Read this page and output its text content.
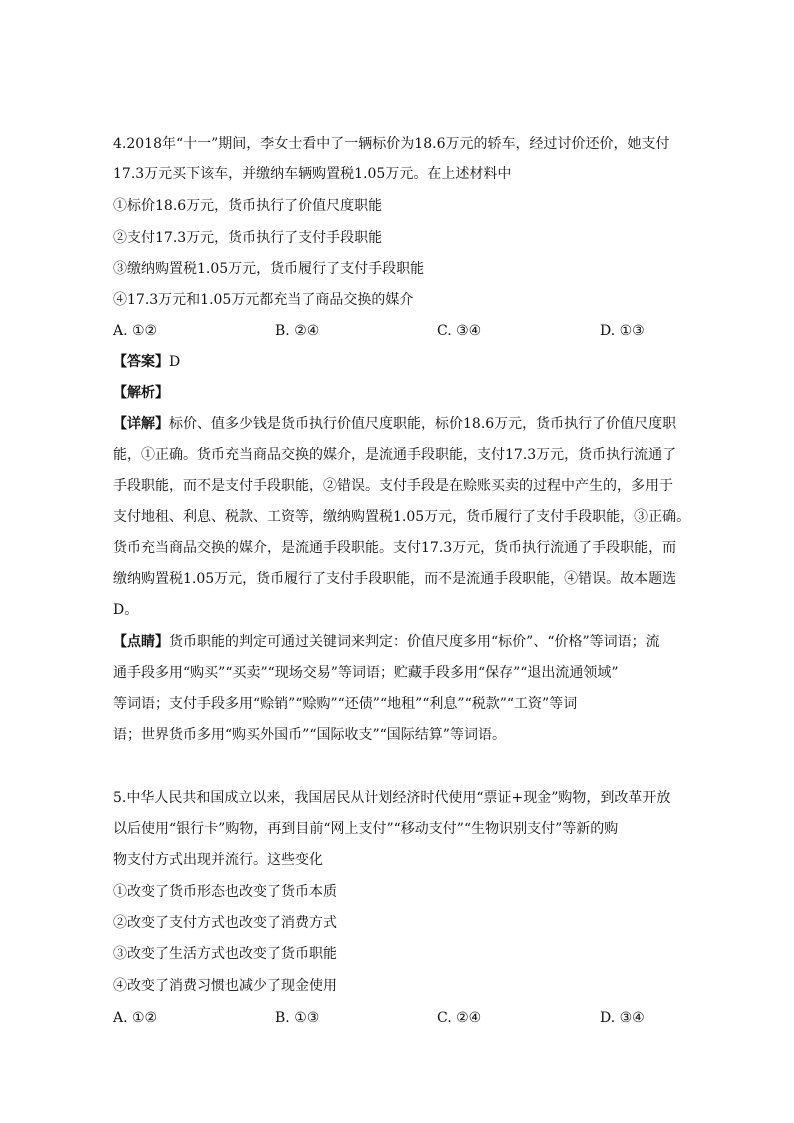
4.2018年“十一”期间，李女士看中了一辆标价为18.6万元的轿车，经过讨价还价，她支付
17.3万元买下该车，并缴纳车辆购置税1.05万元。在上述材料中
①标价18.6万元，货币执行了价值尺度职能
②支付17.3万元，货币执行了支付手段职能
③缴纳购置税1.05万元，货币履行了支付手段职能
④17.3万元和1.05万元都充当了商品交换的媒介
A. ①②	B. ②④	C. ③④	D. ①③
【答案】D
【解析】
【详解】标价、值多少钱是货币执行价值尺度职能，标价18.6万元，货币执行了价值尺度职
能，①正确。货币充当商品交换的媒介，是流通手段职能，支付17.3万元，货币执行流通了
手段职能，而不是支付手段职能，②错误。支付手段是在赊账买卖的过程中产生的，多用于
支付地租、利息、税款、工资等，缴纳购置税1.05万元，货币履行了支付手段职能，③正确。
货币充当商品交换的媒介，是流通手段职能。支付17.3万元，货币执行流通了手段职能，而
缴纳购置税1.05万元，货币履行了支付手段职能，而不是流通手段职能，④错误。故本题选
D。
【点睛】货币职能的判定可通过关键词来判定：价值尺度多用“标价”、“价格”等词语；流
通手段多用“购买”“买卖”“现场交易”等词语；贮藏手段多用“保存”“退出流通领域”
等词语；支付手段多用“赊销”“赊购”“还债”“地租”“利息”“税款”“工资”等词
语；世界货币多用“购买外国币”“国际收支”“国际结算”等词语。
5.中华人民共和国成立以来，我国居民从计划经济时代使用“票证+现金”购物，到改革开放
以后使用“银行卡”购物，再到目前“网上支付”“移动支付”“生物识别支付”等新的购
物支付方式出现并流行。这些变化
①改变了货币形态也改变了货币本质
②改变了支付方式也改变了消费方式
③改变了生活方式也改变了货币职能
④改变了消费习惯也减少了现金使用
A. ①②	B. ①③	C. ②④	D. ③④
